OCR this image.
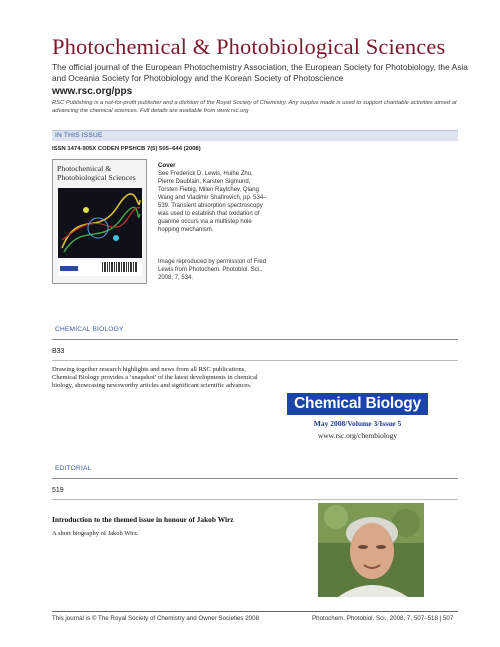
Photochemical & Photobiological Sciences
The official journal of the European Photochemistry Association, the European Society for Photobiology, the Asia and Oceania Society for Photobiology and the Korean Society of Photoscience
www.rsc.org/pps
RSC Publishing is a not-for-profit publisher and a division of the Royal Society of Chemistry. Any surplus made is used to support charitable activities aimed at advancing the chemical sciences. Full details are available from www.rsc.org
IN THIS ISSUE
ISSN 1474-905X CODEN PPSHCB 7(5) 505–644 (2008)
Photochemical & Photobiological Sciences
Cover
See Frederick D. Lewis, Huihe Zhu, Pierre Daublain, Karsten Sigmund, Torsten Fiebig, Milen Raytchev, Qiang Wang and Vladimir Shafirovich, pp. 534–539. Transient absorption spectroscopy was used to establish that oxidation of guanine occurs via a multistep hole hopping mechanism.
Image reproduced by permission of Fred Lewis from Photochem. Photobiol. Sci., 2008, 7, 534.
CHEMICAL BIOLOGY
B33
Drawing together research highlights and news from all RSC publications, Chemical Biology provides a ‘snapshot’ of the latest developments in chemical biology, showcasing newsworthy articles and significant scientific advances.
Chemical Biology
May 2008/Volume 3/Issue 5
www.rsc.org/chembiology
EDITORIAL
519
Introduction to the themed issue in honour of Jakob Wirz
A short biography of Jakob Wirz.
This journal is © The Royal Society of Chemistry and Owner Societies 2008	Photochem. Photobiol. Sci., 2008, 7, 507–518 | 507
